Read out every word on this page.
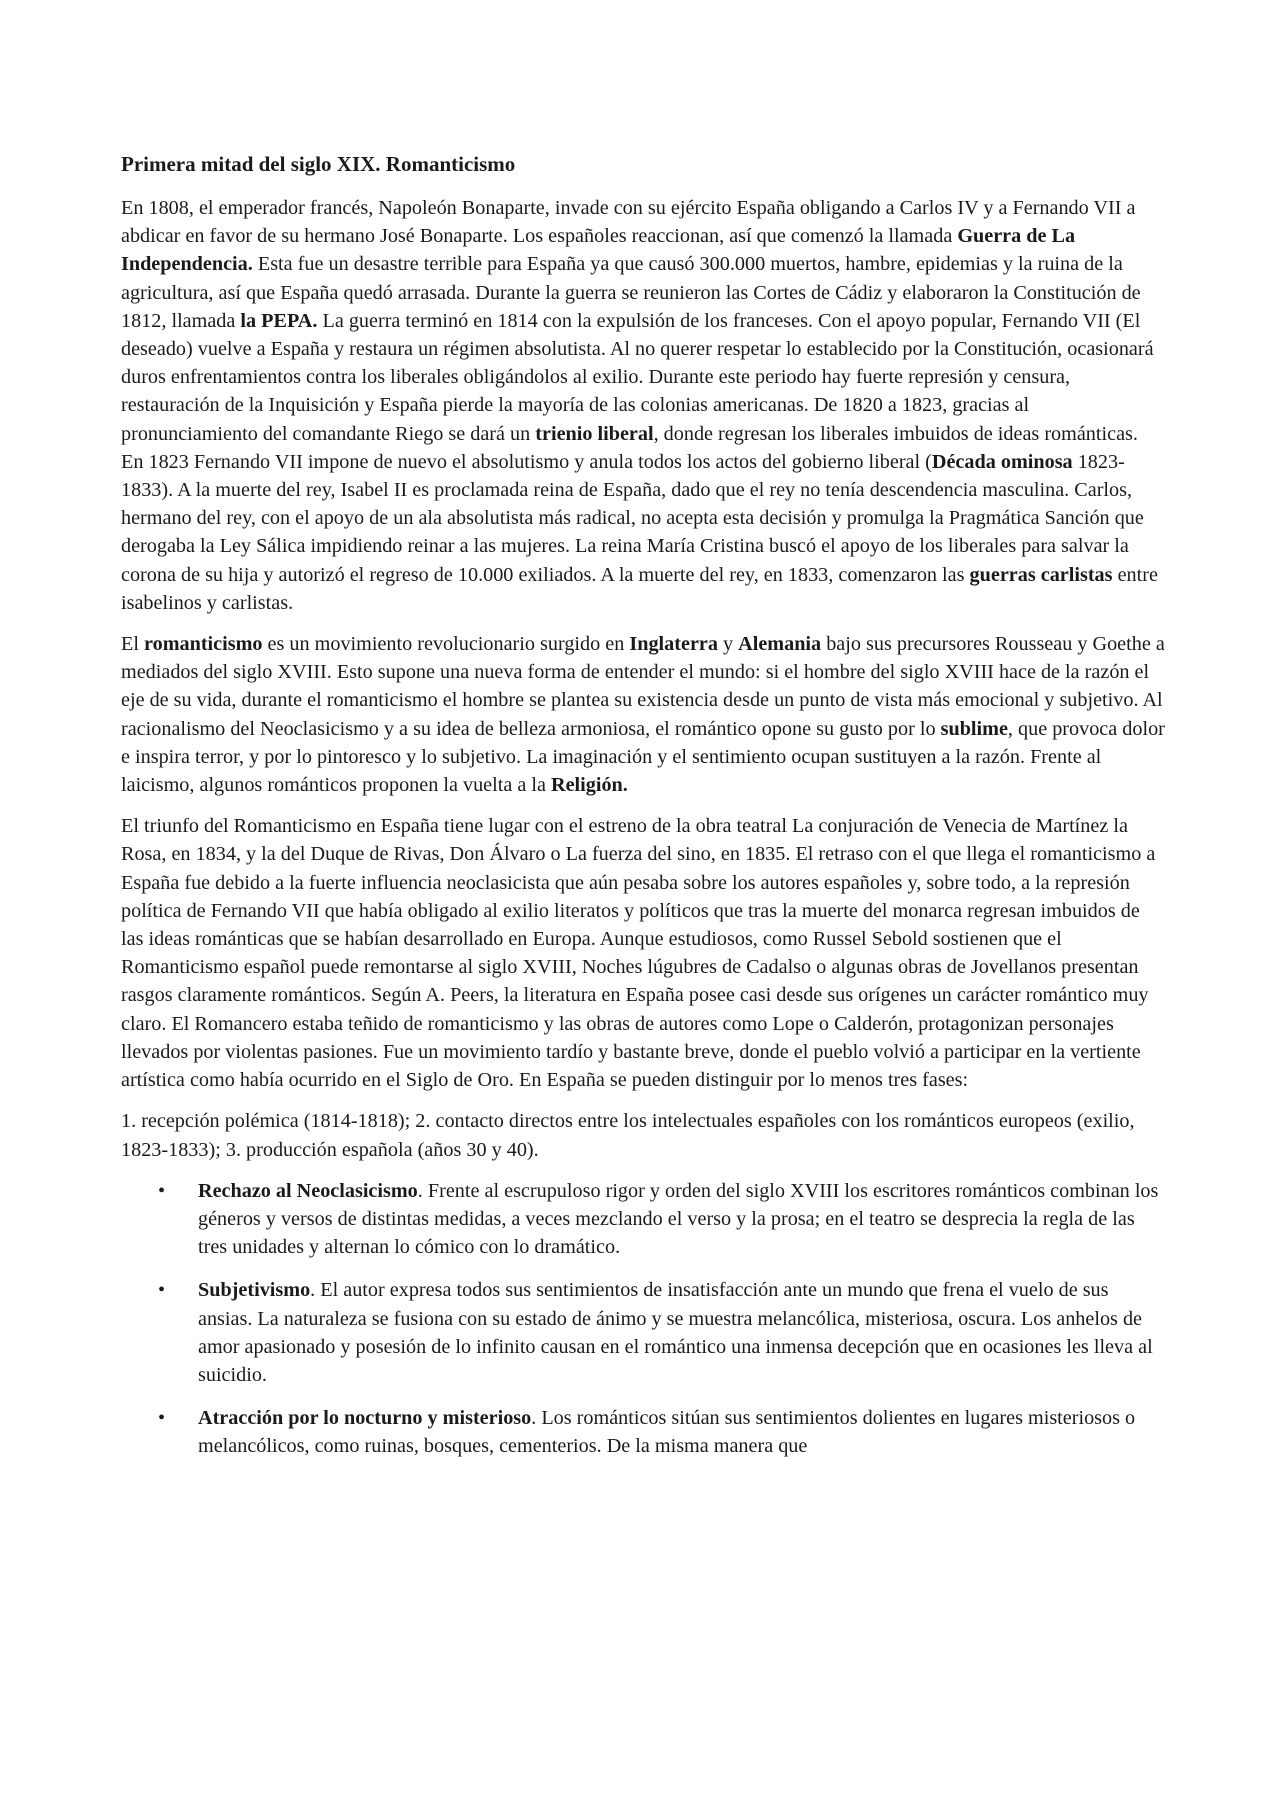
Primera mitad del siglo XIX. Romanticismo
En 1808, el emperador francés, Napoleón Bonaparte, invade con su ejército España obligando a Carlos IV y a Fernando VII a abdicar en favor de su hermano José Bonaparte. Los españoles reaccionan, así que comenzó la llamada Guerra de La Independencia. Esta fue un desastre terrible para España ya que causó 300.000 muertos, hambre, epidemias y la ruina de la agricultura, así que España quedó arrasada. Durante la guerra se reunieron las Cortes de Cádiz y elaboraron la Constitución de 1812, llamada la PEPA. La guerra terminó en 1814 con la expulsión de los franceses. Con el apoyo popular, Fernando VII (El deseado) vuelve a España y restaura un régimen absolutista. Al no querer respetar lo establecido por la Constitución, ocasionará duros enfrentamientos contra los liberales obligándolos al exilio. Durante este periodo hay fuerte represión y censura, restauración de la Inquisición y España pierde la mayoría de las colonias americanas. De 1820 a 1823, gracias al pronunciamiento del comandante Riego se dará un trienio liberal, donde regresan los liberales imbuidos de ideas románticas. En 1823 Fernando VII impone de nuevo el absolutismo y anula todos los actos del gobierno liberal (Década ominosa 1823-1833). A la muerte del rey, Isabel II es proclamada reina de España, dado que el rey no tenía descendencia masculina. Carlos, hermano del rey, con el apoyo de un ala absolutista más radical, no acepta esta decisión y promulga la Pragmática Sanción que derogaba la Ley Sálica impidiendo reinar a las mujeres. La reina María Cristina buscó el apoyo de los liberales para salvar la corona de su hija y autorizó el regreso de 10.000 exiliados. A la muerte del rey, en 1833, comenzaron las guerras carlistas entre isabelinos y carlistas.
El romanticismo es un movimiento revolucionario surgido en Inglaterra y Alemania bajo sus precursores Rousseau y Goethe a mediados del siglo XVIII. Esto supone una nueva forma de entender el mundo: si el hombre del siglo XVIII hace de la razón el eje de su vida, durante el romanticismo el hombre se plantea su existencia desde un punto de vista más emocional y subjetivo. Al racionalismo del Neoclasicismo y a su idea de belleza armoniosa, el romántico opone su gusto por lo sublime, que provoca dolor e inspira terror, y por lo pintoresco y lo subjetivo. La imaginación y el sentimiento ocupan sustituyen a la razón. Frente al laicismo, algunos románticos proponen la vuelta a la Religión.
El triunfo del Romanticismo en España tiene lugar con el estreno de la obra teatral La conjuración de Venecia de Martínez la Rosa, en 1834, y la del Duque de Rivas, Don Álvaro o La fuerza del sino, en 1835. El retraso con el que llega el romanticismo a España fue debido a la fuerte influencia neoclasicista que aún pesaba sobre los autores españoles y, sobre todo, a la represión política de Fernando VII que había obligado al exilio literatos y políticos que tras la muerte del monarca regresan imbuidos de las ideas románticas que se habían desarrollado en Europa. Aunque estudiosos, como Russel Sebold sostienen que el Romanticismo español puede remontarse al siglo XVIII, Noches lúgubres de Cadalso o algunas obras de Jovellanos presentan rasgos claramente románticos. Según A. Peers, la literatura en España posee casi desde sus orígenes un carácter romántico muy claro. El Romancero estaba teñido de romanticismo y las obras de autores como Lope o Calderón, protagonizan personajes llevados por violentas pasiones. Fue un movimiento tardío y bastante breve, donde el pueblo volvió a participar en la vertiente artística como había ocurrido en el Siglo de Oro. En España se pueden distinguir por lo menos tres fases:
1. recepción polémica (1814-1818); 2. contacto directos entre los intelectuales españoles con los románticos europeos (exilio, 1823-1833); 3. producción española (años 30 y 40).
• Rechazo al Neoclasicismo. Frente al escrupuloso rigor y orden del siglo XVIII los escritores románticos combinan los géneros y versos de distintas medidas, a veces mezclando el verso y la prosa; en el teatro se desprecia la regla de las tres unidades y alternan lo cómico con lo dramático.
• Subjetivismo. El autor expresa todos sus sentimientos de insatisfacción ante un mundo que frena el vuelo de sus ansias. La naturaleza se fusiona con su estado de ánimo y se muestra melancólica, misteriosa, oscura. Los anhelos de amor apasionado y posesión de lo infinito causan en el romántico una inmensa decepción que en ocasiones les lleva al suicidio.
• Atracción por lo nocturno y misterioso. Los románticos sitúan sus sentimientos dolientes en lugares misteriosos o melancólicos, como ruinas, bosques, cementerios. De la misma manera que
